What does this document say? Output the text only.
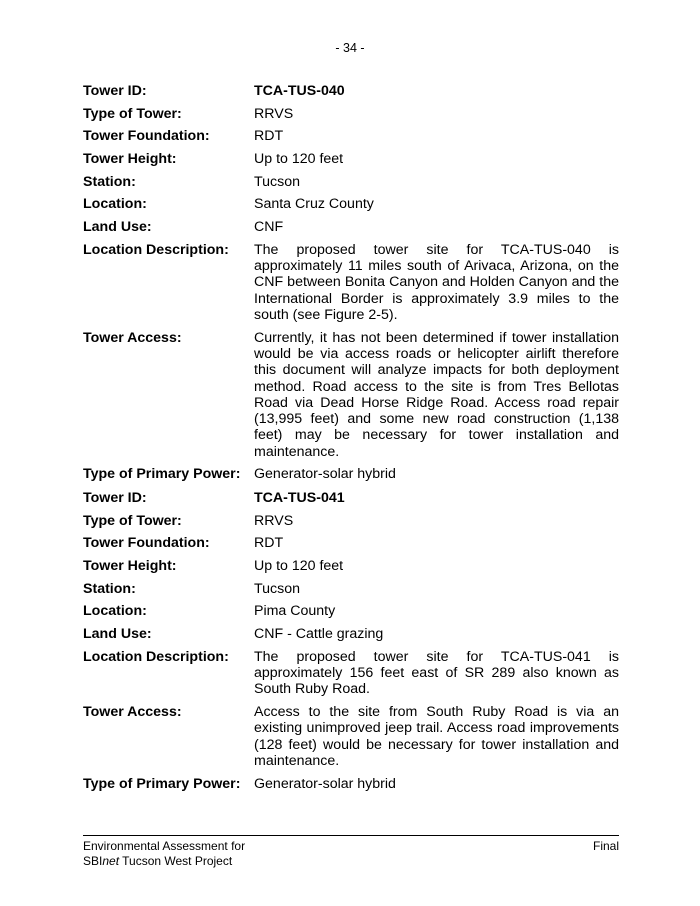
- 34 -
Tower ID:	TCA-TUS-040
Type of Tower:	RRVS
Tower Foundation:	RDT
Tower Height:	Up to 120 feet
Station:	Tucson
Location:	Santa Cruz County
Land Use:	CNF
Location Description:	The proposed tower site for TCA-TUS-040 is approximately 11 miles south of Arivaca, Arizona, on the CNF between Bonita Canyon and Holden Canyon and the International Border is approximately 3.9 miles to the south (see Figure 2-5).
Tower Access:	Currently, it has not been determined if tower installation would be via access roads or helicopter airlift therefore this document will analyze impacts for both deployment method. Road access to the site is from Tres Bellotas Road via Dead Horse Ridge Road. Access road repair (13,995 feet) and some new road construction (1,138 feet) may be necessary for tower installation and maintenance.
Type of Primary Power: Generator-solar hybrid
Tower ID:	TCA-TUS-041
Type of Tower:	RRVS
Tower Foundation:	RDT
Tower Height:	Up to 120 feet
Station:	Tucson
Location:	Pima County
Land Use:	CNF - Cattle grazing
Location Description:	The proposed tower site for TCA-TUS-041 is approximately 156 feet east of SR 289 also known as South Ruby Road.
Tower Access:	Access to the site from South Ruby Road is via an existing unimproved jeep trail. Access road improvements (128 feet) would be necessary for tower installation and maintenance.
Type of Primary Power: Generator-solar hybrid
Environmental Assessment for
SBInet Tucson West Project
Final
